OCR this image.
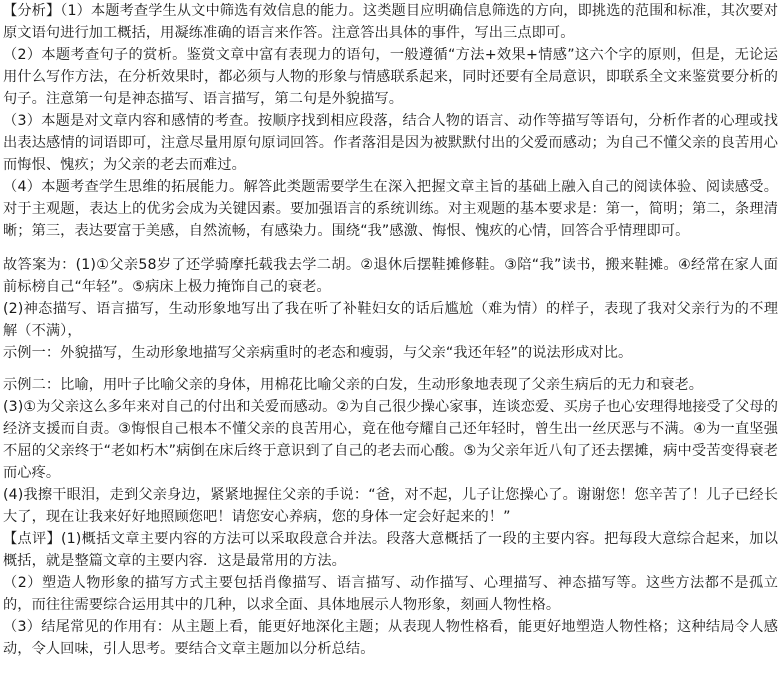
【分析】（1）本题考查学生从文中筛选有效信息的能力。这类题目应明确信息筛选的方向，即挑选的范围和标准，其次要对原文语句进行加工概括，用凝练准确的语言来作答。注意答出具体的事件，写出三点即可。

（2）本题考查句子的赏析。鉴赏文章中富有表现力的语句，一般遵循“方法+效果+情感”这六个字的原则，但是，无论运用什么写作方法，在分析效果时，都必须与人物的形象与情感联系起来，同时还要有全局意识，即联系全文来鉴赏要分析的句子。注意第一句是神态描写、语言描写，第二句是外貌描写。

（3）本题是对文章内容和感情的考查。按顺序找到相应段落，结合人物的语言、动作等描写等语句，分析作者的心理或找出表达感情的词语即可，注意尽量用原句原词回答。作者落泪是因为被默默付出的父爱而感动；为自己不懂父亲的良苦用心而悔恨、愧疚；为父亲的老去而难过。

（4）本题考查学生思维的拓展能力。解答此类题需要学生在深入把握文章主旨的基础上融入自己的阅读体验、阅读感受。对于主观题，表达上的优劣会成为关键因素。要加强语言的系统训练。对主观题的基本要求是：第一，简明；第二，条理清晰；第三，表达要富于美感，自然流畅，有感染力。围绕“我”感激、悔恨、愧疚的心情，回答合乎情理即可。

故答案为：(1)①父亲58岁了还学骑摩托载我去学二胡。②退休后摆鞋摊修鞋。③陪“我”读书，搬来鞋摊。④经常在家人面前标榜自己“年轻”。⑤病床上极力掩饰自己的衰老。

(2)神态描写、语言描写，生动形象地写出了我在听了补鞋妇女的话后尴尬（难为情）的样子，表现了我对父亲行为的不理解（不满），

示例一：外貌描写，生动形象地描写父亲病重时的老态和瘦弱，与父亲“我还年轻”的说法形成对比。

示例二：比喻，用叶子比喻父亲的身体，用棉花比喻父亲的白发，生动形象地表现了父亲生病后的无力和衰老。

(3)①为父亲这么多年来对自己的付出和关爱而感动。②为自己很少操心家事，连谈恋爱、买房子也心安理得地接受了父母的经济支援而自责。③悔恨自己根本不懂父亲的良苦用心，竟在他夸耀自己还年轻时，曾生出一丝厌恶与不满。④为一直坚强不屈的父亲终于“老如朽木”病倒在床后终于意识到了自己的老去而心酸。⑤为父亲年近八旬了还去摆摊，病中受苦变得衰老而心疼。

(4)我擦干眼泪，走到父亲身边，紧紧地握住父亲的手说：“爸，对不起，儿子让您操心了。谢谢您！您辛苦了！儿子已经长大了，现在让我来好好地照顾您吧！请您安心养病，您的身体一定会好起来的！”

【点评】(1)概括文章主要内容的方法可以采取段意合并法。段落大意概括了一段的主要内容。把每段大意综合起来，加以概括，就是整篇文章的主要内容．这是最常用的方法。

（2）塑造人物形象的描写方式主要包括肖像描写、语言描写、动作描写、心理描写、神态描写等。这些方法都不是孤立的，而往往需要综合运用其中的几种，以求全面、具体地展示人物形象，刻画人物性格。

（3）结尾常见的作用有：从主题上看，能更好地深化主题；从表现人物性格看，能更好地塑造人物性格；这种结局令人感动，令人回味，引人思考。要结合文章主题加以分析总结。
